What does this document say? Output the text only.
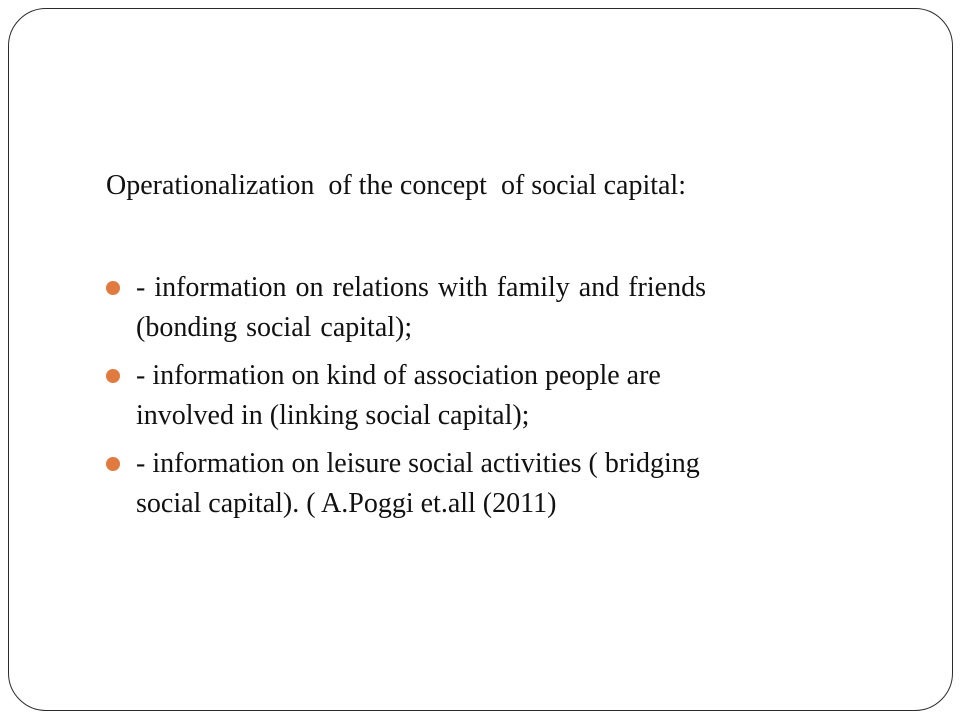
Operationalization  of the concept  of social capital:
- information on relations with family and friends
(bonding social capital);
- information on kind of association people are
involved in (linking social capital);
- information on leisure social activities ( bridging
social capital). ( A.Poggi et.all (2011)
